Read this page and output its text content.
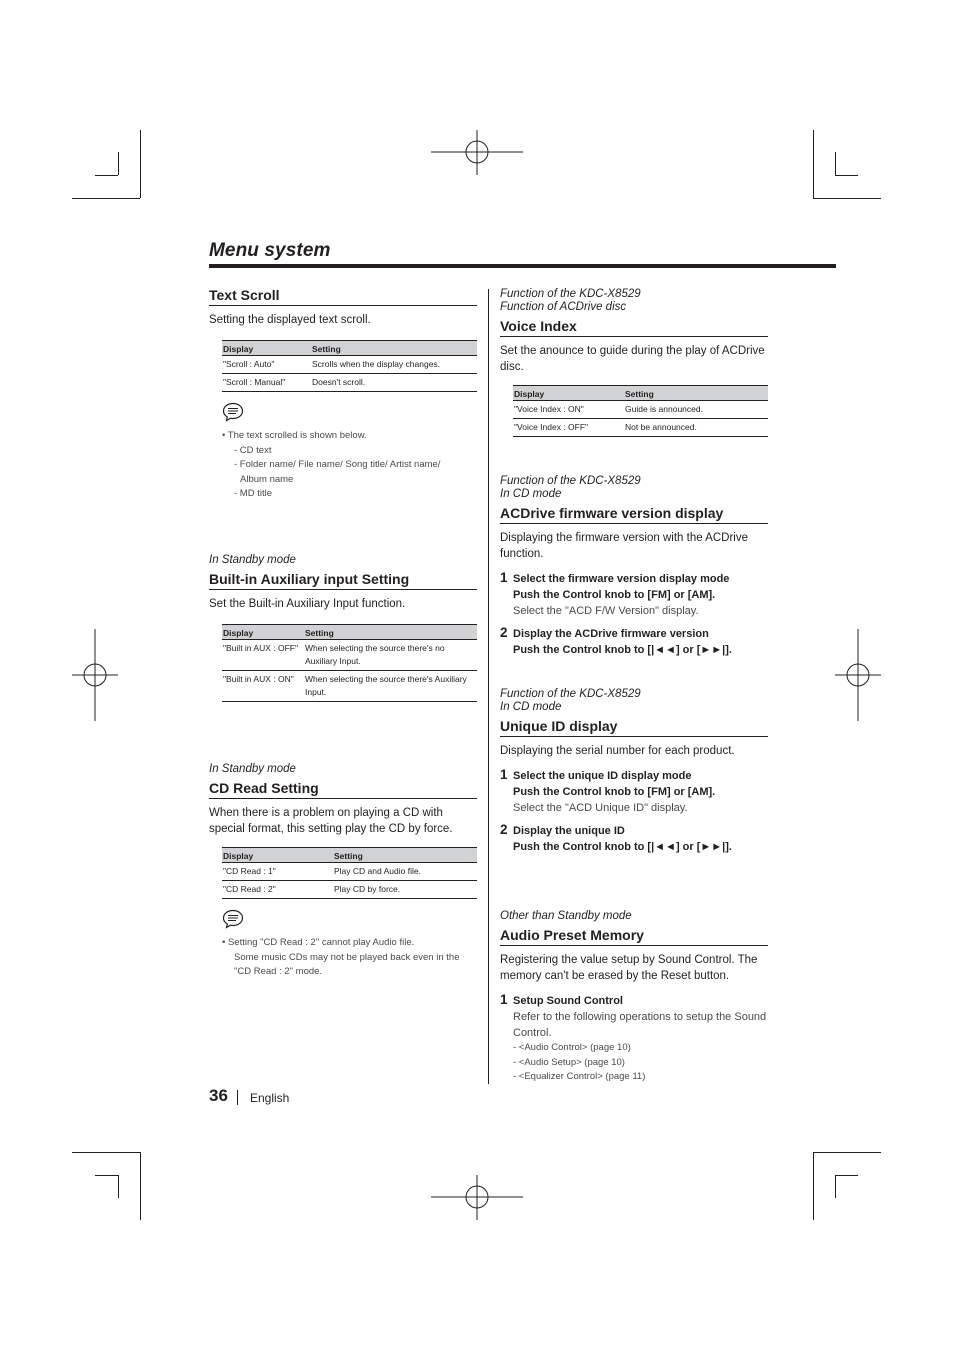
Menu system
Text Scroll
Setting the displayed text scroll.
Display	Setting
"Scroll : Auto"	Scrolls when the display changes.
"Scroll : Manual"	Doesn't scroll.
• The text scrolled is shown below.
- CD text
- Folder name/ File name/ Song title/ Artist name/
Album name
- MD title
In Standby mode
Built-in Auxiliary input Setting
Set the Built-in Auxiliary Input function.
Display	Setting
"Built in AUX : OFF"	When selecting the source there's no Auxiliary Input.
"Built in AUX : ON"	When selecting the source there's Auxiliary Input.
In Standby mode
CD Read Setting
When there is a problem on playing a CD with special format, this setting play the CD by force.
Display	Setting
"CD Read : 1"	Play CD and Audio file.
"CD Read : 2"	Play CD by force.
• Setting "CD Read : 2" cannot play Audio file.
Some music CDs may not be played back even in the
"CD Read : 2" mode.
Function of the KDC-X8529
Function of ACDrive disc
Voice Index
Set the anounce to guide during the play of ACDrive disc.
Display	Setting
"Voice Index : ON"	Guide is announced.
"Voice Index : OFF"	Not be announced.
Function of the KDC-X8529
In CD mode
ACDrive firmware version display
Displaying the firmware version with the ACDrive function.
1 Select the firmware version display mode
Push the Control knob to [FM] or [AM].
Select the "ACD F/W Version" display.
2 Display the ACDrive firmware version
Push the Control knob to [|◄◄] or [►►|].
Function of the KDC-X8529
In CD mode
Unique ID display
Displaying the serial number for each product.
1 Select the unique ID display mode
Push the Control knob to [FM] or [AM].
Select the "ACD Unique ID" display.
2 Display the unique ID
Push the Control knob to [|◄◄] or [►►|].
Other than Standby mode
Audio Preset Memory
Registering the value setup by Sound Control. The memory can't be erased by the Reset button.
1 Setup Sound Control
Refer to the following operations to setup the Sound Control.
- <Audio Control> (page 10)
- <Audio Setup> (page 10)
- <Equalizer Control> (page 11)
36 English
